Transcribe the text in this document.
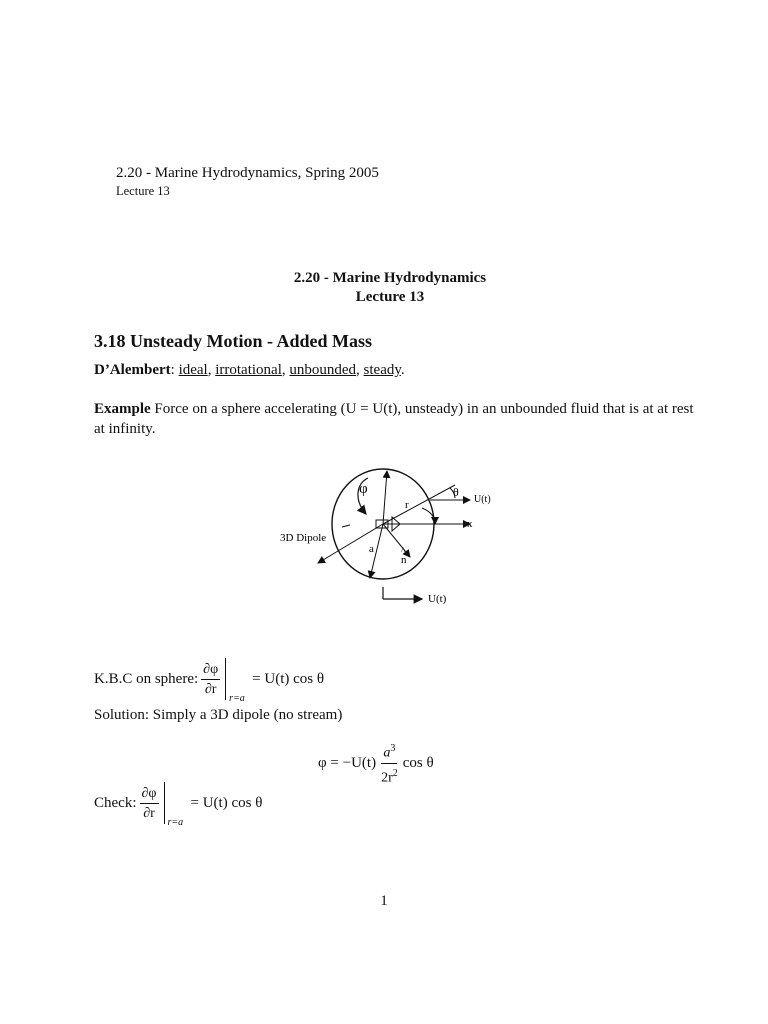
2.20 - Marine Hydrodynamics, Spring 2005
Lecture 13
2.20 - Marine Hydrodynamics
Lecture 13
3.18 Unsteady Motion - Added Mass
D’Alembert: ideal, irrotational, unbounded, steady.
Example Force on a sphere accelerating (U = U(t), unsteady) in an unbounded fluid that is at at rest at infinity.
φ	θ
r
a
x
n
^
U(t)
U(t)
3D Dipole
K.B.C on sphere: $\frac{\partial\varphi}{\partial r}$
r=a
= U(t) cos θ
Solution: Simply a 3D dipole (no stream)
$\varphi = -U(t) \frac{a^3}{2r^2}$ cos θ
Check: $\frac{\partial\varphi}{\partial r}$
r=a
= U(t) cos θ
1
